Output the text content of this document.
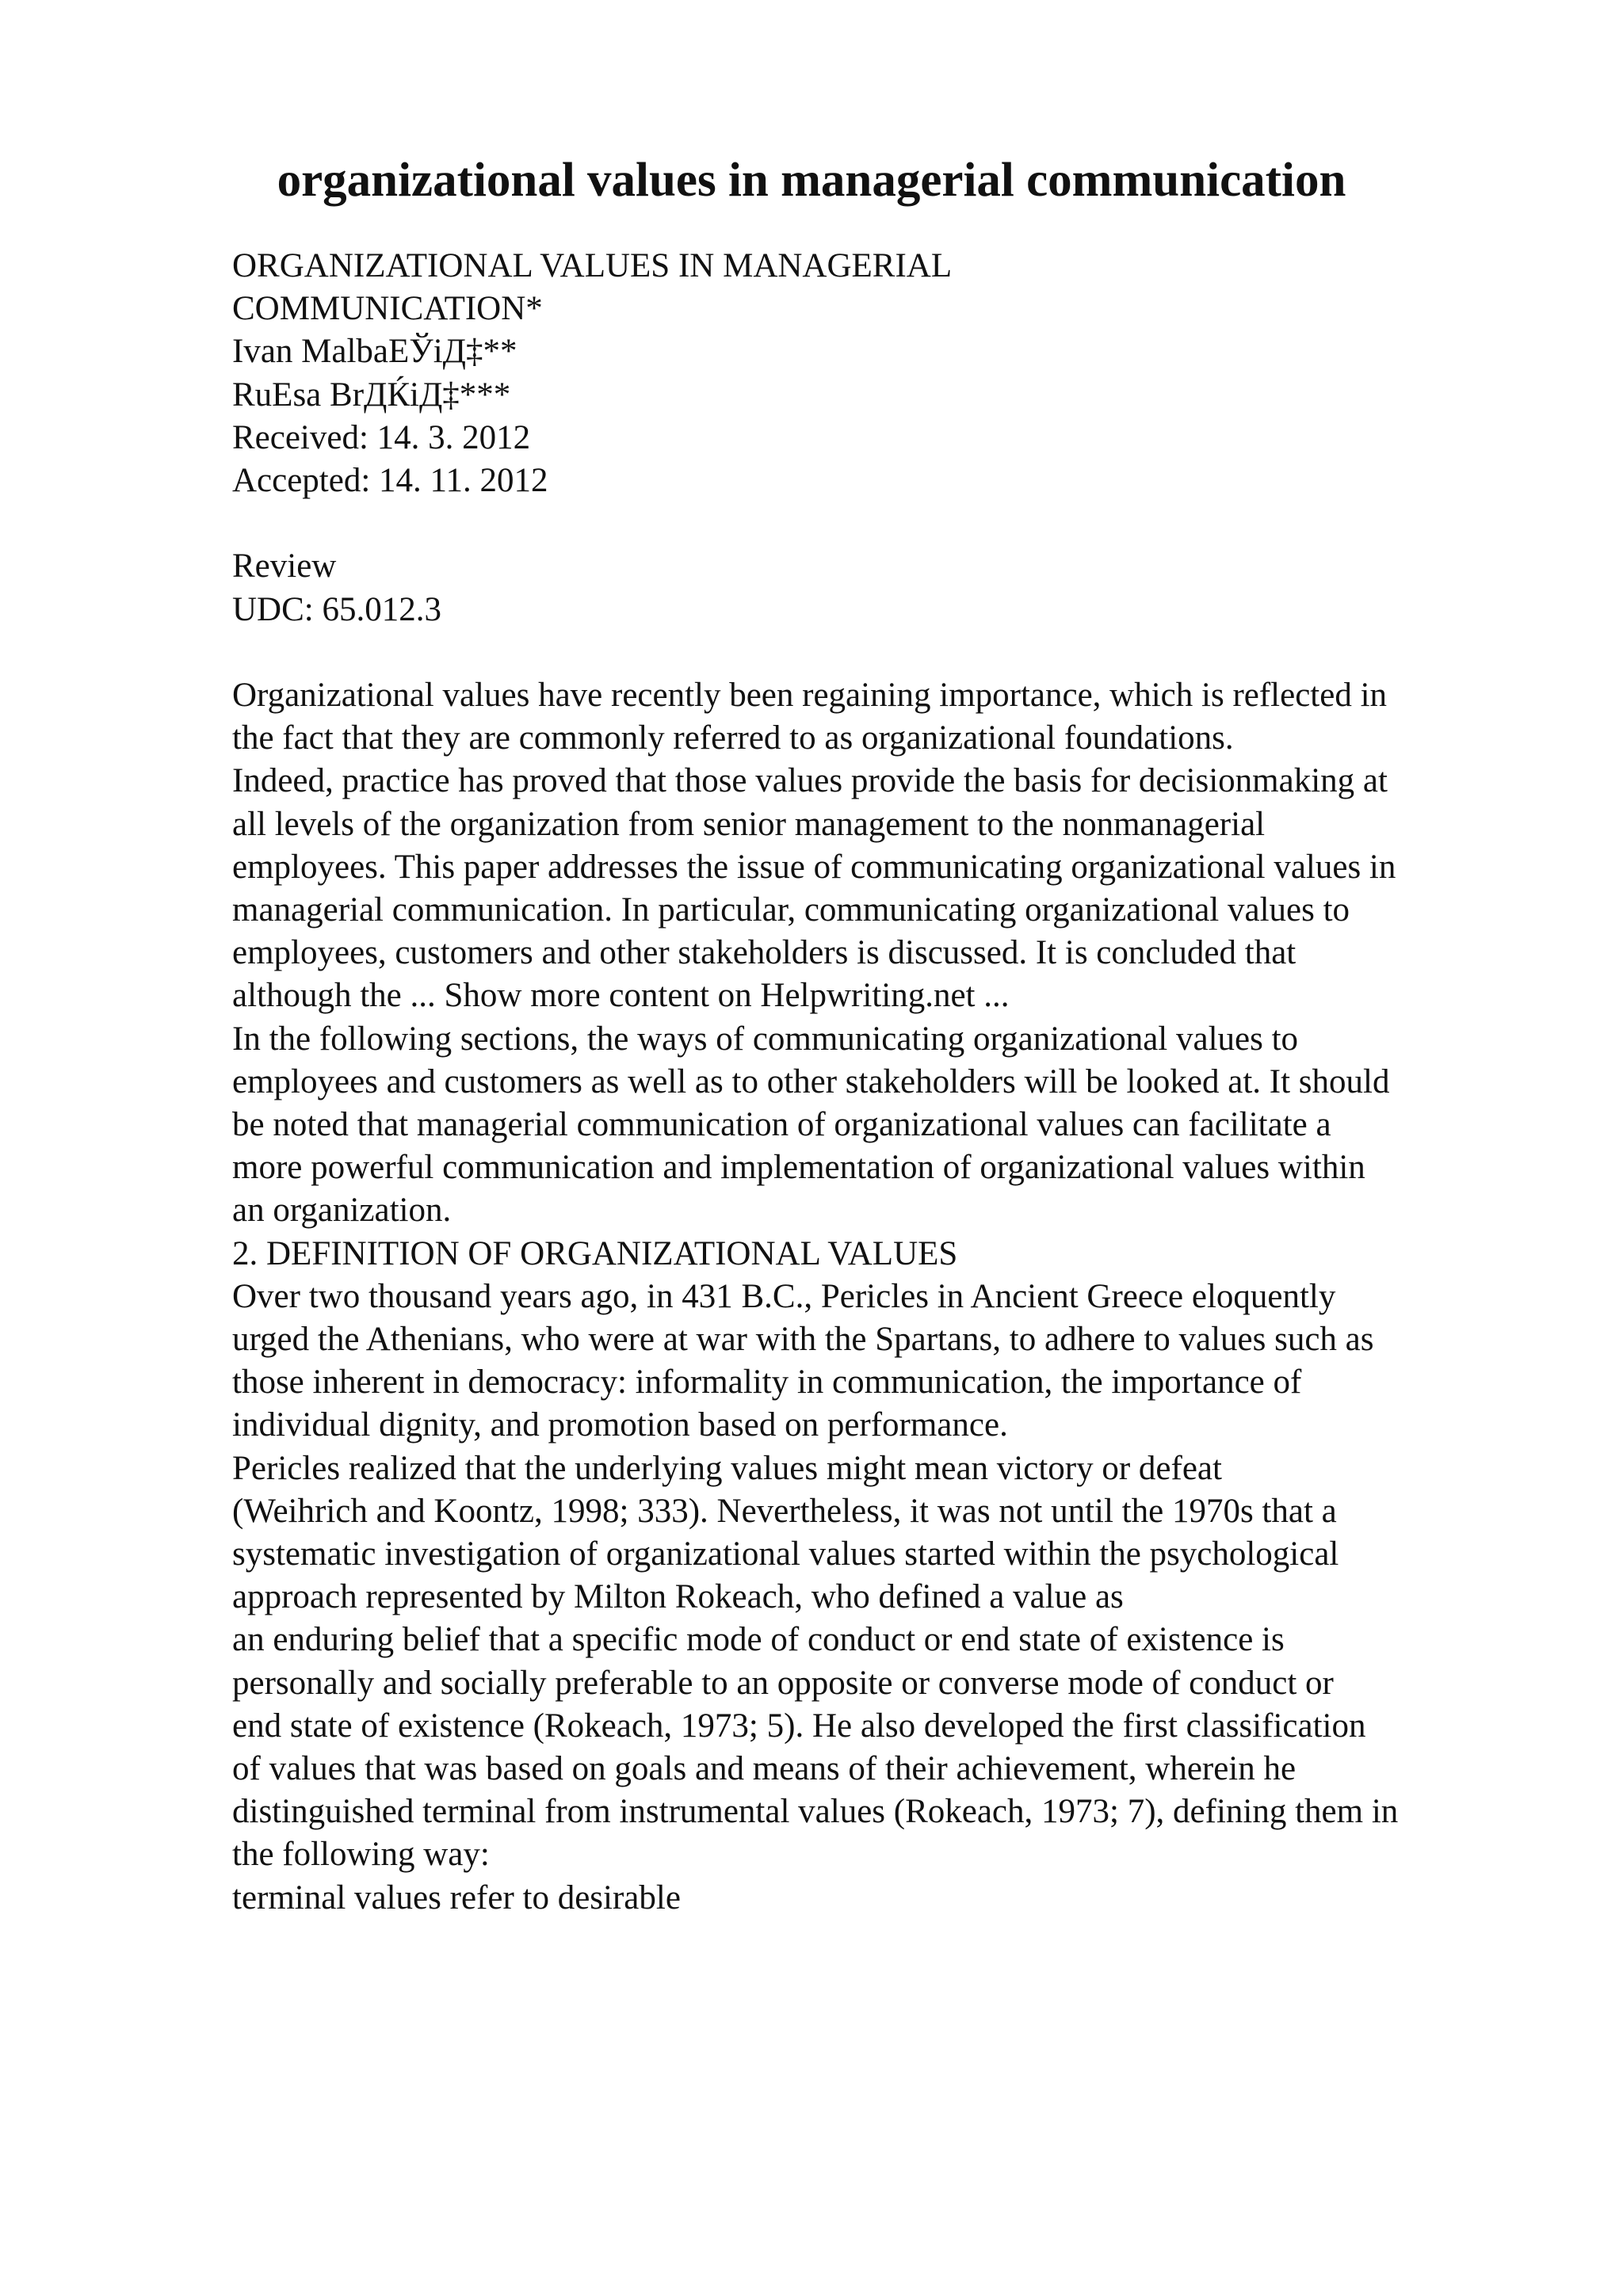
organizational values in managerial communication
ORGANIZATIONAL VALUES IN MANAGERIAL
COMMUNICATION*
Ivan MalbaЕЎiД‡**
RuЕsa BrДЌiД‡***
Received: 14. 3. 2012
Accepted: 14. 11. 2012
Review
UDC: 65.012.3
Organizational values have recently been regaining importance, which is reflected in
the fact that they are commonly referred to as organizational foundations.
Indeed, practice has proved that those values provide the basis for decisionmaking at
all levels of the organization from senior management to the nonmanagerial
employees. This paper addresses the issue of communicating organizational values in
managerial communication. In particular, communicating organizational values to
employees, customers and other stakeholders is discussed. It is concluded that
although the ... Show more content on Helpwriting.net ...
In the following sections, the ways of communicating organizational values to
employees and customers as well as to other stakeholders will be looked at. It should
be noted that managerial communication of organizational values can facilitate a
more powerful communication and implementation of organizational values within
an organization.
2. DEFINITION OF ORGANIZATIONAL VALUES
Over two thousand years ago, in 431 B.C., Pericles in Ancient Greece eloquently
urged the Athenians, who were at war with the Spartans, to adhere to values such as
those inherent in democracy: informality in communication, the importance of
individual dignity, and promotion based on performance.
Pericles realized that the underlying values might mean victory or defeat
(Weihrich and Koontz, 1998; 333). Nevertheless, it was not until the 1970s that a
systematic investigation of organizational values started within the psychological
approach represented by Milton Rokeach, who defined a value as
an enduring belief that a specific mode of conduct or end state of existence is
personally and socially preferable to an opposite or converse mode of conduct or
end state of existence (Rokeach, 1973; 5). He also developed the first classification
of values that was based on goals and means of their achievement, wherein he
distinguished terminal from instrumental values (Rokeach, 1973; 7), defining them in
the following way:
terminal values refer to desirable
